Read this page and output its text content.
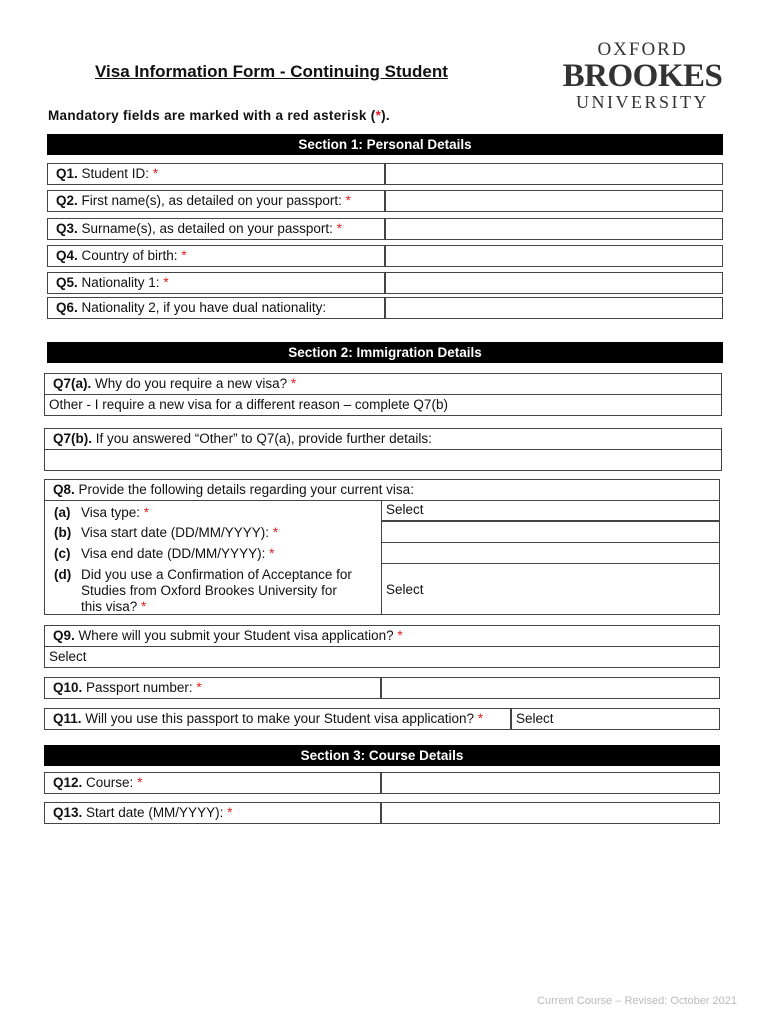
Visa Information Form - Continuing Student
OXFORD
BROOKES
UNIVERSITY
Mandatory fields are marked with a red asterisk (*).
Section 1: Personal Details
Q1. Student ID: *
Q2. First name(s), as detailed on your passport: *
Q3. Surname(s), as detailed on your passport: *
Q4. Country of birth: *
Q5. Nationality 1: *
Q6. Nationality 2, if you have dual nationality:
Section 2: Immigration Details
Q7(a). Why do you require a new visa? *
Other - I require a new visa for a different reason – complete Q7(b)
Q7(b). If you answered “Other” to Q7(a), provide further details:
Q8. Provide the following details regarding your current visa:
(a) Visa type: *	Select
(b) Visa start date (DD/MM/YYYY): *
(c) Visa end date (DD/MM/YYYY): *
(d) Did you use a Confirmation of Acceptance for
Studies from Oxford Brookes University for
this visa? *
Select
Q9. Where will you submit your Student visa application? *
Select
Q10. Passport number: *
Q11. Will you use this passport to make your Student visa application? *	Select
Section 3: Course Details
Q12. Course: *
Q13. Start date (MM/YYYY): *
Current Course – Revised: October 2021
